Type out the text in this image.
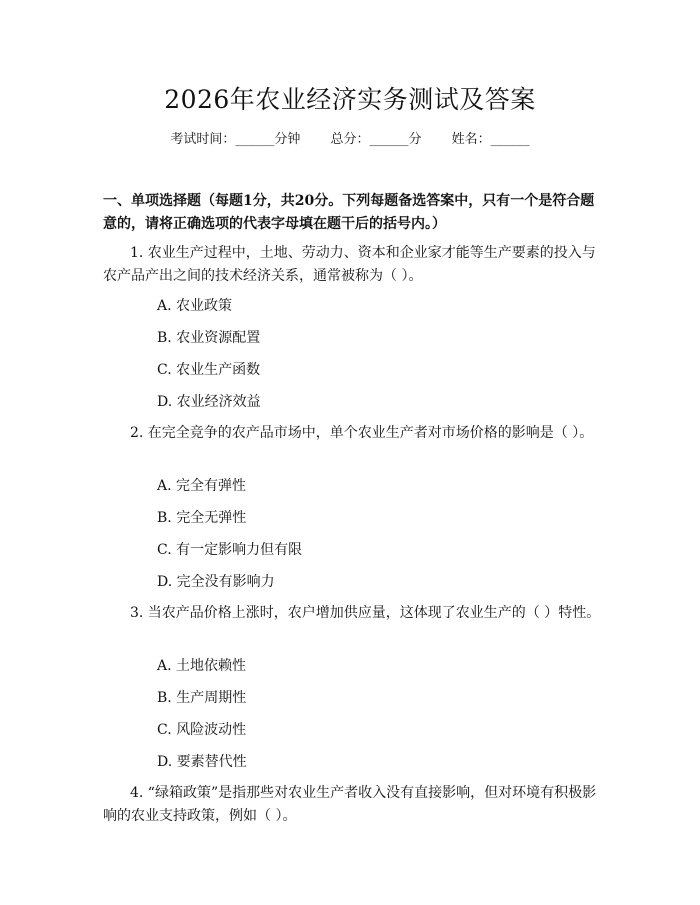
2026年农业经济实务测试及答案
考试时间：______分钟 总分：______分 姓名：______
一、单项选择题（每题1分，共20分。下列每题备选答案中，只有一个是符合题意的，请将正确选项的代表字母填在题干后的括号内。）
1. 农业生产过程中，土地、劳动力、资本和企业家才能等生产要素的投入与农产品产出之间的技术经济关系，通常被称为（ ）。
A. 农业政策
B. 农业资源配置
C. 农业生产函数
D. 农业经济效益
2. 在完全竞争的农产品市场中，单个农业生产者对市场价格的影响是（ ）。
A. 完全有弹性
B. 完全无弹性
C. 有一定影响力但有限
D. 完全没有影响力
3. 当农产品价格上涨时，农户增加供应量，这体现了农业生产的（ ）特性。
A. 土地依赖性
B. 生产周期性
C. 风险波动性
D. 要素替代性
4. “绿箱政策”是指那些对农业生产者收入没有直接影响，但对环境有积极影响的农业支持政策，例如（ ）。
